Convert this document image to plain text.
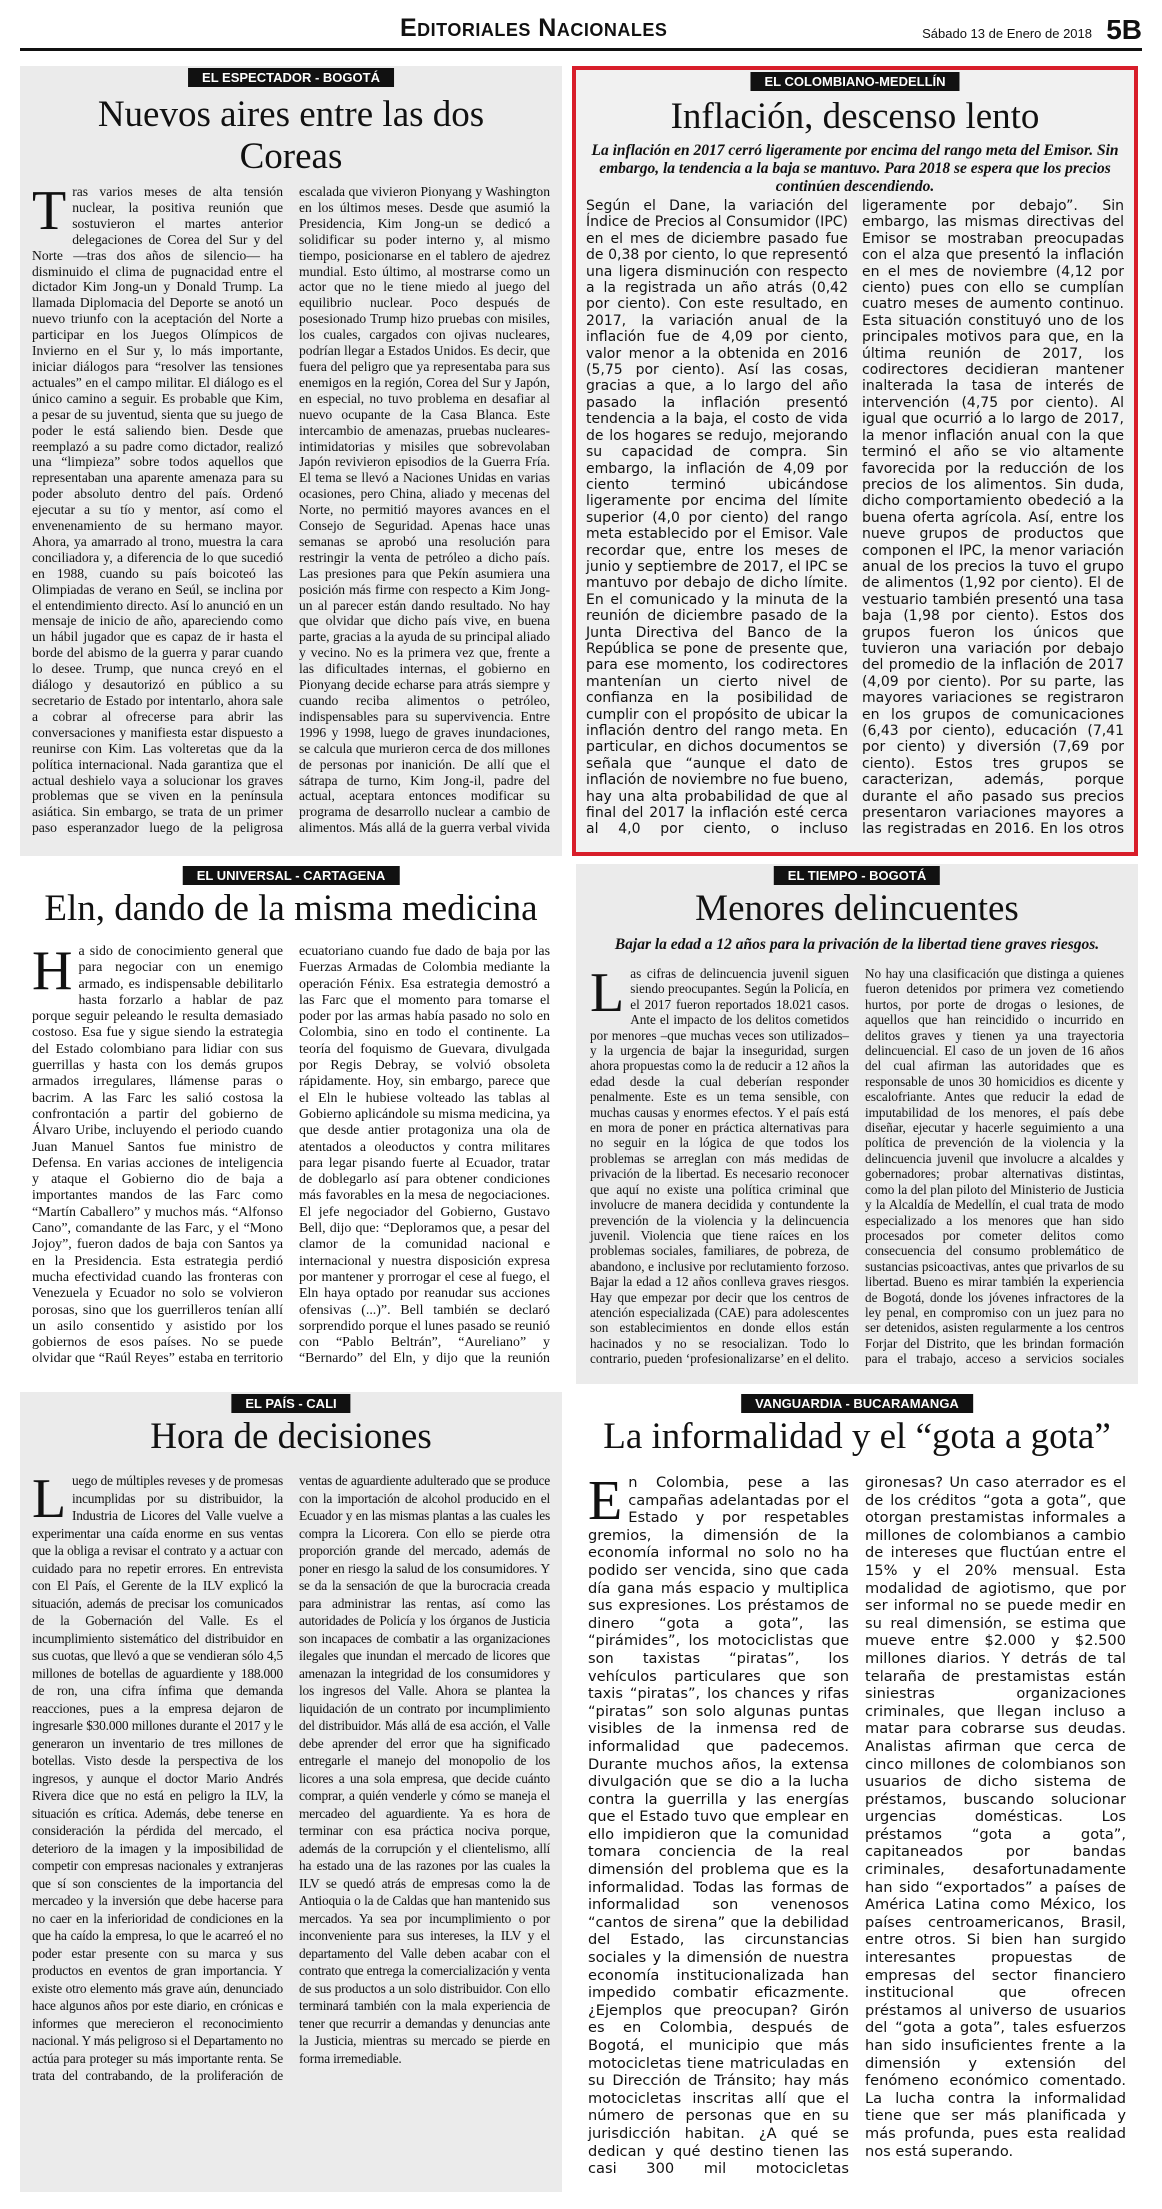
Editoriales Nacionales	Sábado 13 de Enero de 2018 5B
EL ESPECTADOR - BOGOTÁ
Nuevos aires entre las dos Coreas
Tras varios meses de alta tensión nuclear, la positiva reunión que sostuvieron el martes anterior delegaciones de Corea del Sur y del Norte —tras dos años de silencio— ha disminuido el clima de pugnacidad entre el dictador Kim Jong-un y Donald Trump. La llamada Diplomacia del Deporte se anotó un nuevo triunfo con la aceptación del Norte a participar en los Juegos Olímpicos de Invierno en el Sur y, lo más importante, iniciar diálogos para “resolver las tensiones actuales” en el campo militar. El diálogo es el único camino a seguir. Es probable que Kim, a pesar de su juventud, sienta que su juego de poder le está saliendo bien. Desde que reemplazó a su padre como dictador, realizó una “limpieza” sobre todos aquellos que representaban una aparente amenaza para su poder absoluto dentro del país. Ordenó ejecutar a su tío y mentor, así como el envenenamiento de su hermano mayor. Ahora, ya amarrado al trono, muestra la cara conciliadora y, a diferencia de lo que sucedió en 1988, cuando su país boicoteó las Olimpiadas de verano en Seúl, se inclina por el entendimiento directo. Así lo anunció en un mensaje de inicio de año, apareciendo como un hábil jugador que es capaz de ir hasta el borde del abismo de la guerra y parar cuando lo desee. Trump, que nunca creyó en el diálogo y desautorizó en público a su secretario de Estado por intentarlo, ahora sale a cobrar al ofrecerse para abrir las conversaciones y manifiesta estar dispuesto a reunirse con Kim. Las volteretas que da la política internacional. Nada garantiza que el actual deshielo vaya a solucionar los graves problemas que se viven en la península asiática. Sin embargo, se trata de un primer paso esperanzador luego de la peligrosa escalada que vivieron Pionyang y Washington en los últimos meses. Desde que asumió la Presidencia, Kim Jong-un se dedicó a solidificar su poder interno y, al mismo tiempo, posicionarse en el tablero de ajedrez mundial. Esto último, al mostrarse como un actor que no le tiene miedo al juego del equilibrio nuclear. Poco después de posesionado Trump hizo pruebas con misiles, los cuales, cargados con ojivas nucleares, podrían llegar a Estados Unidos. Es decir, que fuera del peligro que ya representaba para sus enemigos en la región, Corea del Sur y Japón, en especial, no tuvo problema en desafiar al nuevo ocupante de la Casa Blanca. Este intercambio de amenazas, pruebas nucleares-intimidatorias y misiles que sobrevolaban Japón revivieron episodios de la Guerra Fría. El tema se llevó a Naciones Unidas en varias ocasiones, pero China, aliado y mecenas del Norte, no permitió mayores avances en el Consejo de Seguridad. Apenas hace unas semanas se aprobó una resolución para restringir la venta de petróleo a dicho país. Las presiones para que Pekín asumiera una posición más firme con respecto a Kim Jong-un al parecer están dando resultado. No hay que olvidar que dicho país vive, en buena parte, gracias a la ayuda de su principal aliado y vecino. No es la primera vez que, frente a las dificultades internas, el gobierno en Pionyang decide echarse para atrás siempre y cuando reciba alimentos o petróleo, indispensables para su supervivencia. Entre 1996 y 1998, luego de graves inundaciones, se calcula que murieron cerca de dos millones de personas por inanición. De allí que el sátrapa de turno, Kim Jong-il, padre del actual, aceptara entonces modificar su programa de desarrollo nuclear a cambio de alimentos. Más allá de la guerra verbal vivida
EL COLOMBIANO-MEDELLÍN
Inflación, descenso lento
La inflación en 2017 cerró ligeramente por encima del rango meta del Emisor. Sin embargo, la tendencia a la baja se mantuvo. Para 2018 se espera que los precios continúen descendiendo.
Según el Dane, la variación del Índice de Precios al Consumidor (IPC) en el mes de diciembre pasado fue de 0,38 por ciento, lo que representó una ligera disminución con respecto a la registrada un año atrás (0,42 por ciento). Con este resultado, en 2017, la variación anual de la inflación fue de 4,09 por ciento, valor menor a la obtenida en 2016 (5,75 por ciento). Así las cosas, gracias a que, a lo largo del año pasado la inflación presentó tendencia a la baja, el costo de vida de los hogares se redujo, mejorando su capacidad de compra. Sin embargo, la inflación de 4,09 por ciento terminó ubicándose ligeramente por encima del límite superior (4,0 por ciento) del rango meta establecido por el Emisor. Vale recordar que, entre los meses de junio y septiembre de 2017, el IPC se mantuvo por debajo de dicho límite. En el comunicado y la minuta de la reunión de diciembre pasado de la Junta Directiva del Banco de la República se pone de presente que, para ese momento, los codirectores mantenían un cierto nivel de confianza en la posibilidad de cumplir con el propósito de ubicar la inflación dentro del rango meta. En particular, en dichos documentos se señala que “aunque el dato de inflación de noviembre no fue bueno, hay una alta probabilidad de que al final del 2017 la inflación esté cerca al 4,0 por ciento, o incluso ligeramente por debajo”. Sin embargo, las mismas directivas del Emisor se mostraban preocupadas con el alza que presentó la inflación en el mes de noviembre (4,12 por ciento) pues con ello se cumplían cuatro meses de aumento continuo. Esta situación constituyó uno de los principales motivos para que, en la última reunión de 2017, los codirectores decidieran mantener inalterada la tasa de interés de intervención (4,75 por ciento). Al igual que ocurrió a lo largo de 2017, la menor inflación anual con la que terminó el año se vio altamente favorecida por la reducción de los precios de los alimentos. Sin duda, dicho comportamiento obedeció a la buena oferta agrícola. Así, entre los nueve grupos de productos que componen el IPC, la menor variación anual de los precios la tuvo el grupo de alimentos (1,92 por ciento). El de vestuario también presentó una tasa baja (1,98 por ciento). Estos dos grupos fueron los únicos que tuvieron una variación por debajo del promedio de la inflación de 2017 (4,09 por ciento). Por su parte, las mayores variaciones se registraron en los grupos de comunicaciones (6,43 por ciento), educación (7,41 por ciento) y diversión (7,69 por ciento). Estos tres grupos se caracterizan, además, porque durante el año pasado sus precios presentaron variaciones mayores a las registradas en 2016. En los otros
EL UNIVERSAL - CARTAGENA
Eln, dando de la misma medicina
Ha sido de conocimiento general que para negociar con un enemigo armado, es indispensable debilitarlo hasta forzarlo a hablar de paz porque seguir peleando le resulta demasiado costoso. Esa fue y sigue siendo la estrategia del Estado colombiano para lidiar con sus guerrillas y hasta con los demás grupos armados irregulares, llámense paras o bacrim. A las Farc les salió costosa la confrontación a partir del gobierno de Álvaro Uribe, incluyendo el periodo cuando Juan Manuel Santos fue ministro de Defensa. En varias acciones de inteligencia y ataque el Gobierno dio de baja a importantes mandos de las Farc como “Martín Caballero” y muchos más. “Alfonso Cano”, comandante de las Farc, y el “Mono Jojoy”, fueron dados de baja con Santos ya en la Presidencia. Esta estrategia perdió mucha efectividad cuando las fronteras con Venezuela y Ecuador no solo se volvieron porosas, sino que los guerrilleros tenían allí un asilo consentido y asistido por los gobiernos de esos países. No se puede olvidar que “Raúl Reyes” estaba en territorio ecuatoriano cuando fue dado de baja por las Fuerzas Armadas de Colombia mediante la operación Fénix. Esa estrategia demostró a las Farc que el momento para tomarse el poder por las armas había pasado no solo en Colombia, sino en todo el continente. La teoría del foquismo de Guevara, divulgada por Regis Debray, se volvió obsoleta rápidamente. Hoy, sin embargo, parece que el Eln le hubiese volteado las tablas al Gobierno aplicándole su misma medicina, ya que desde antier protagoniza una ola de atentados a oleoductos y contra militares para legar pisando fuerte al Ecuador, tratar de doblegarlo así para obtener condiciones más favorables en la mesa de negociaciones. El jefe negociador del Gobierno, Gustavo Bell, dijo que: “Deploramos que, a pesar del clamor de la comunidad nacional e internacional y nuestra disposición expresa por mantener y prorrogar el cese al fuego, el Eln haya optado por reanudar sus acciones ofensivas (...)”. Bell también se declaró sorprendido porque el lunes pasado se reunió con “Pablo Beltrán”, “Aureliano” y “Bernardo” del Eln, y dijo que la reunión
EL TIEMPO - BOGOTÁ
Menores delincuentes
Bajar la edad a 12 años para la privación de la libertad tiene graves riesgos.
Las cifras de delincuencia juvenil siguen siendo preocupantes. Según la Policía, en el 2017 fueron reportados 18.021 casos. Ante el impacto de los delitos cometidos por menores –que muchas veces son utilizados– y la urgencia de bajar la inseguridad, surgen ahora propuestas como la de reducir a 12 años la edad desde la cual deberían responder penalmente. Este es un tema sensible, con muchas causas y enormes efectos. Y el país está en mora de poner en práctica alternativas para no seguir en la lógica de que todos los problemas se arreglan con más medidas de privación de la libertad. Es necesario reconocer que aquí no existe una política criminal que involucre de manera decidida y contundente la prevención de la violencia y la delincuencia juvenil. Violencia que tiene raíces en los problemas sociales, familiares, de pobreza, de abandono, e inclusive por reclutamiento forzoso. Bajar la edad a 12 años conlleva graves riesgos. Hay que empezar por decir que los centros de atención especializada (CAE) para adolescentes son establecimientos en donde ellos están hacinados y no se resocializan. Todo lo contrario, pueden ‘profesionalizarse’ en el delito. No hay una clasificación que distinga a quienes fueron detenidos por primera vez cometiendo hurtos, por porte de drogas o lesiones, de aquellos que han reincidido o incurrido en delitos graves y tienen ya una trayectoria delincuencial. El caso de un joven de 16 años del cual afirman las autoridades que es responsable de unos 30 homicidios es dicente y escalofriante. Antes que reducir la edad de imputabilidad de los menores, el país debe diseñar, ejecutar y hacerle seguimiento a una política de prevención de la violencia y la delincuencia juvenil que involucre a alcaldes y gobernadores; probar alternativas distintas, como la del plan piloto del Ministerio de Justicia y la Alcaldía de Medellín, el cual trata de modo especializado a los menores que han sido procesados por cometer delitos como consecuencia del consumo problemático de sustancias psicoactivas, antes que privarlos de su libertad. Bueno es mirar también la experiencia de Bogotá, donde los jóvenes infractores de la ley penal, en compromiso con un juez para no ser detenidos, asisten regularmente a los centros Forjar del Distrito, que les brindan formación para el trabajo, acceso a servicios sociales
EL PAÍS - CALI
Hora de decisiones
Luego de múltiples reveses y de promesas incumplidas por su distribuidor, la Industria de Licores del Valle vuelve a experimentar una caída enorme en sus ventas que la obliga a revisar el contrato y a actuar con cuidado para no repetir errores. En entrevista con El País, el Gerente de la ILV explicó la situación, además de precisar los comunicados de la Gobernación del Valle. Es el incumplimiento sistemático del distribuidor en sus cuotas, que llevó a que se vendieran sólo 4,5 millones de botellas de aguardiente y 188.000 de ron, una cifra ínfima que demanda reacciones, pues a la empresa dejaron de ingresarle $30.000 millones durante el 2017 y le generaron un inventario de tres millones de botellas. Visto desde la perspectiva de los ingresos, y aunque el doctor Mario Andrés Rivera dice que no está en peligro la ILV, la situación es crítica. Además, debe tenerse en consideración la pérdida del mercado, el deterioro de la imagen y la imposibilidad de competir con empresas nacionales y extranjeras que sí son conscientes de la importancia del mercadeo y la inversión que debe hacerse para no caer en la inferioridad de condiciones en la que ha caído la empresa, lo que le acarreó el no poder estar presente con su marca y sus productos en eventos de gran importancia. Y existe otro elemento más grave aún, denunciado hace algunos años por este diario, en crónicas e informes que merecieron el reconocimiento nacional. Y más peligroso si el Departamento no actúa para proteger su más importante renta. Se trata del contrabando, de la proliferación de ventas de aguardiente adulterado que se produce con la importación de alcohol producido en el Ecuador y en las mismas plantas a las cuales les compra la Licorera. Con ello se pierde otra proporción grande del mercado, además de poner en riesgo la salud de los consumidores. Y se da la sensación de que la burocracia creada para administrar las rentas, así como las autoridades de Policía y los órganos de Justicia son incapaces de combatir a las organizaciones ilegales que inundan el mercado de licores que amenazan la integridad de los consumidores y los ingresos del Valle. Ahora se plantea la liquidación de un contrato por incumplimiento del distribuidor. Más allá de esa acción, el Valle debe aprender del error que ha significado entregarle el manejo del monopolio de los licores a una sola empresa, que decide cuánto comprar, a quién venderle y cómo se maneja el mercadeo del aguardiente. Ya es hora de terminar con esa práctica nociva porque, además de la corrupción y el clientelismo, allí ha estado una de las razones por las cuales la ILV se quedó atrás de empresas como la de Antioquia o la de Caldas que han mantenido sus mercados. Ya sea por incumplimiento o por inconveniente para sus intereses, la ILV y el departamento del Valle deben acabar con el contrato que entrega la comercialización y venta de sus productos a un solo distribuidor. Con ello terminará también con la mala experiencia de tener que recurrir a demandas y denuncias ante la Justicia, mientras su mercado se pierde en forma irremediable.
VANGUARDIA - BUCARAMANGA
La informalidad y el “gota a gota”
En Colombia, pese a las campañas adelantadas por el Estado y por respetables gremios, la dimensión de la economía informal no solo no ha podido ser vencida, sino que cada día gana más espacio y multiplica sus expresiones. Los préstamos de dinero “gota a gota”, las “pirámides”, los motociclistas que son taxistas “piratas”, los vehículos particulares que son taxis “piratas”, los chances y rifas “piratas” son solo algunas puntas visibles de la inmensa red de informalidad que padecemos. Durante muchos años, la extensa divulgación que se dio a la lucha contra la guerrilla y las energías que el Estado tuvo que emplear en ello impidieron que la comunidad tomara conciencia de la real dimensión del problema que es la informalidad. Todas las formas de informalidad son venenosos “cantos de sirena” que la debilidad del Estado, las circunstancias sociales y la dimensión de nuestra economía institucionalizada han impedido combatir eficazmente. ¿Ejemplos que preocupan? Girón es en Colombia, después de Bogotá, el municipio que más motocicletas tiene matriculadas en su Dirección de Tránsito; hay más motocicletas inscritas allí que el número de personas que en su jurisdicción habitan. ¿A qué se dedican y qué destino tienen las casi 300 mil motocicletas gironesas? Un caso aterrador es el de los créditos “gota a gota”, que otorgan prestamistas informales a millones de colombianos a cambio de intereses que fluctúan entre el 15% y el 20% mensual. Esta modalidad de agiotismo, que por ser informal no se puede medir en su real dimensión, se estima que mueve entre $2.000 y $2.500 millones diarios. Y detrás de tal telaraña de prestamistas están siniestras organizaciones criminales, que llegan incluso a matar para cobrarse sus deudas. Analistas afirman que cerca de cinco millones de colombianos son usuarios de dicho sistema de préstamos, buscando solucionar urgencias domésticas. Los préstamos “gota a gota”, capitaneados por bandas criminales, desafortunadamente han sido “exportados” a países de América Latina como México, los países centroamericanos, Brasil, entre otros. Si bien han surgido interesantes propuestas de empresas del sector financiero institucional que ofrecen préstamos al universo de usuarios del “gota a gota”, tales esfuerzos han sido insuficientes frente a la dimensión y extensión del fenómeno económico comentado. La lucha contra la informalidad tiene que ser más planificada y más profunda, pues esta realidad nos está superando.
